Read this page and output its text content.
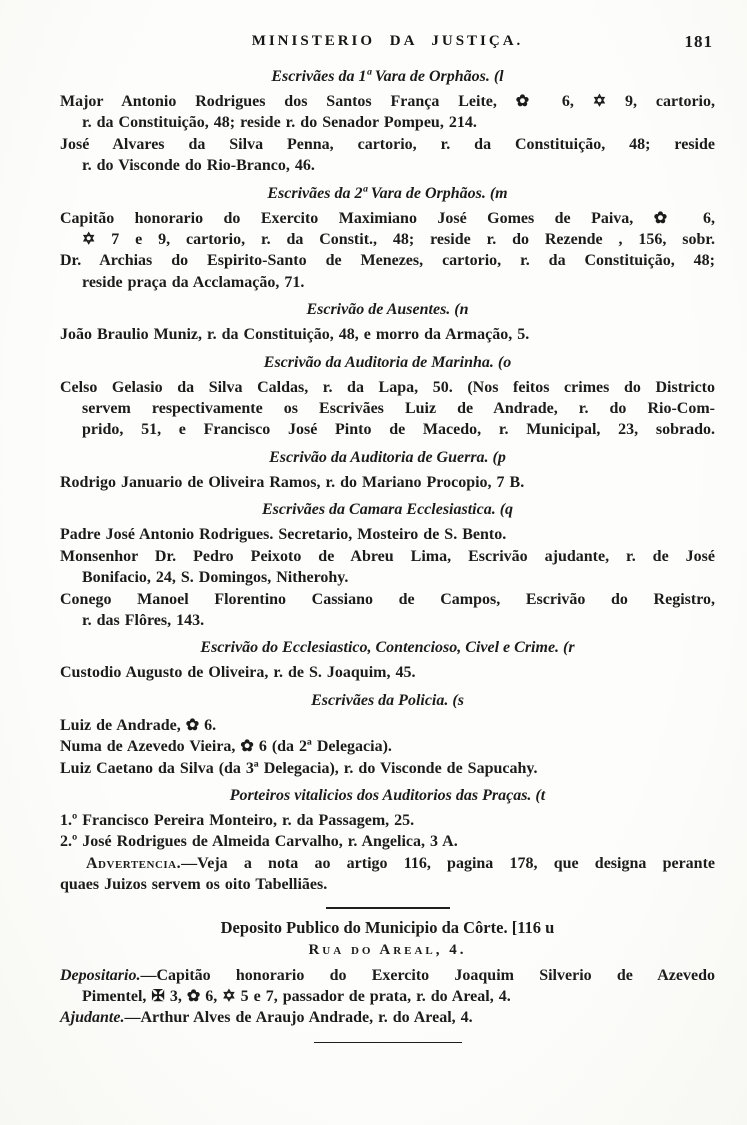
MINISTERIO DA JUSTIÇA.	181
Escrivães da 1ª Vara de Orphãos. (l
Major Antonio Rodrigues dos Santos França Leite, ✿ 6, ✡ 9, cartorio,
r. da Constituição, 48; reside r. do Senador Pompeu, 214.
José Alvares da Silva Penna, cartorio, r. da Constituição, 48; reside
r. do Visconde do Rio-Branco, 46.
Escrivães da 2ª Vara de Orphãos. (m
Capitão honorario do Exercito Maximiano José Gomes de Paiva, ✿ 6,
✡ 7 e 9, cartorio, r. da Constit., 48; reside r. do Rezende , 156, sobr.
Dr. Archias do Espirito-Santo de Menezes, cartorio, r. da Constituição, 48;
reside praça da Acclamação, 71.
Escrivão de Ausentes. (n
João Braulio Muniz, r. da Constituição, 48, e morro da Armação, 5.
Escrivão da Auditoria de Marinha. (o
Celso Gelasio da Silva Caldas, r. da Lapa, 50. (Nos feitos crimes do Districto
servem respectivamente os Escrivães Luiz de Andrade, r. do Rio-Com-
prido, 51, e Francisco José Pinto de Macedo, r. Municipal, 23, sobrado.
Escrivão da Auditoria de Guerra. (p
Rodrigo Januario de Oliveira Ramos, r. do Mariano Procopio, 7 B.
Escrivães da Camara Ecclesiastica. (q
Padre José Antonio Rodrigues. Secretario, Mosteiro de S. Bento.
Monsenhor Dr. Pedro Peixoto de Abreu Lima, Escrivão ajudante, r. de José
Bonifacio, 24, S. Domingos, Nitherohy.
Conego Manoel Florentino Cassiano de Campos, Escrivão do Registro,
r. das Flôres, 143.
Escrivão do Ecclesiastico, Contencioso, Civel e Crime. (r
Custodio Augusto de Oliveira, r. de S. Joaquim, 45.
Escrivães da Policia. (s
Luiz de Andrade, ✿ 6.
Numa de Azevedo Vieira, ✿ 6 (da 2ª Delegacia).
Luiz Caetano da Silva (da 3ª Delegacia), r. do Visconde de Sapucahy.
Porteiros vitalicios dos Auditorios das Praças. (t
1.º Francisco Pereira Monteiro, r. da Passagem, 25.
2.º José Rodrigues de Almeida Carvalho, r. Angelica, 3 A.
Advertencia.—Veja a nota ao artigo 116, pagina 178, que designa perante
quaes Juizos servem os oito Tabelliães.
Deposito Publico do Municipio da Côrte. [116 u
Rua do Areal, 4.
Depositario.—Capitão honorario do Exercito Joaquim Silverio de Azevedo
Pimentel, ✠ 3, ✿ 6, ✡ 5 e 7, passador de prata, r. do Areal, 4.
Ajudante.—Arthur Alves de Araujo Andrade, r. do Areal, 4.
